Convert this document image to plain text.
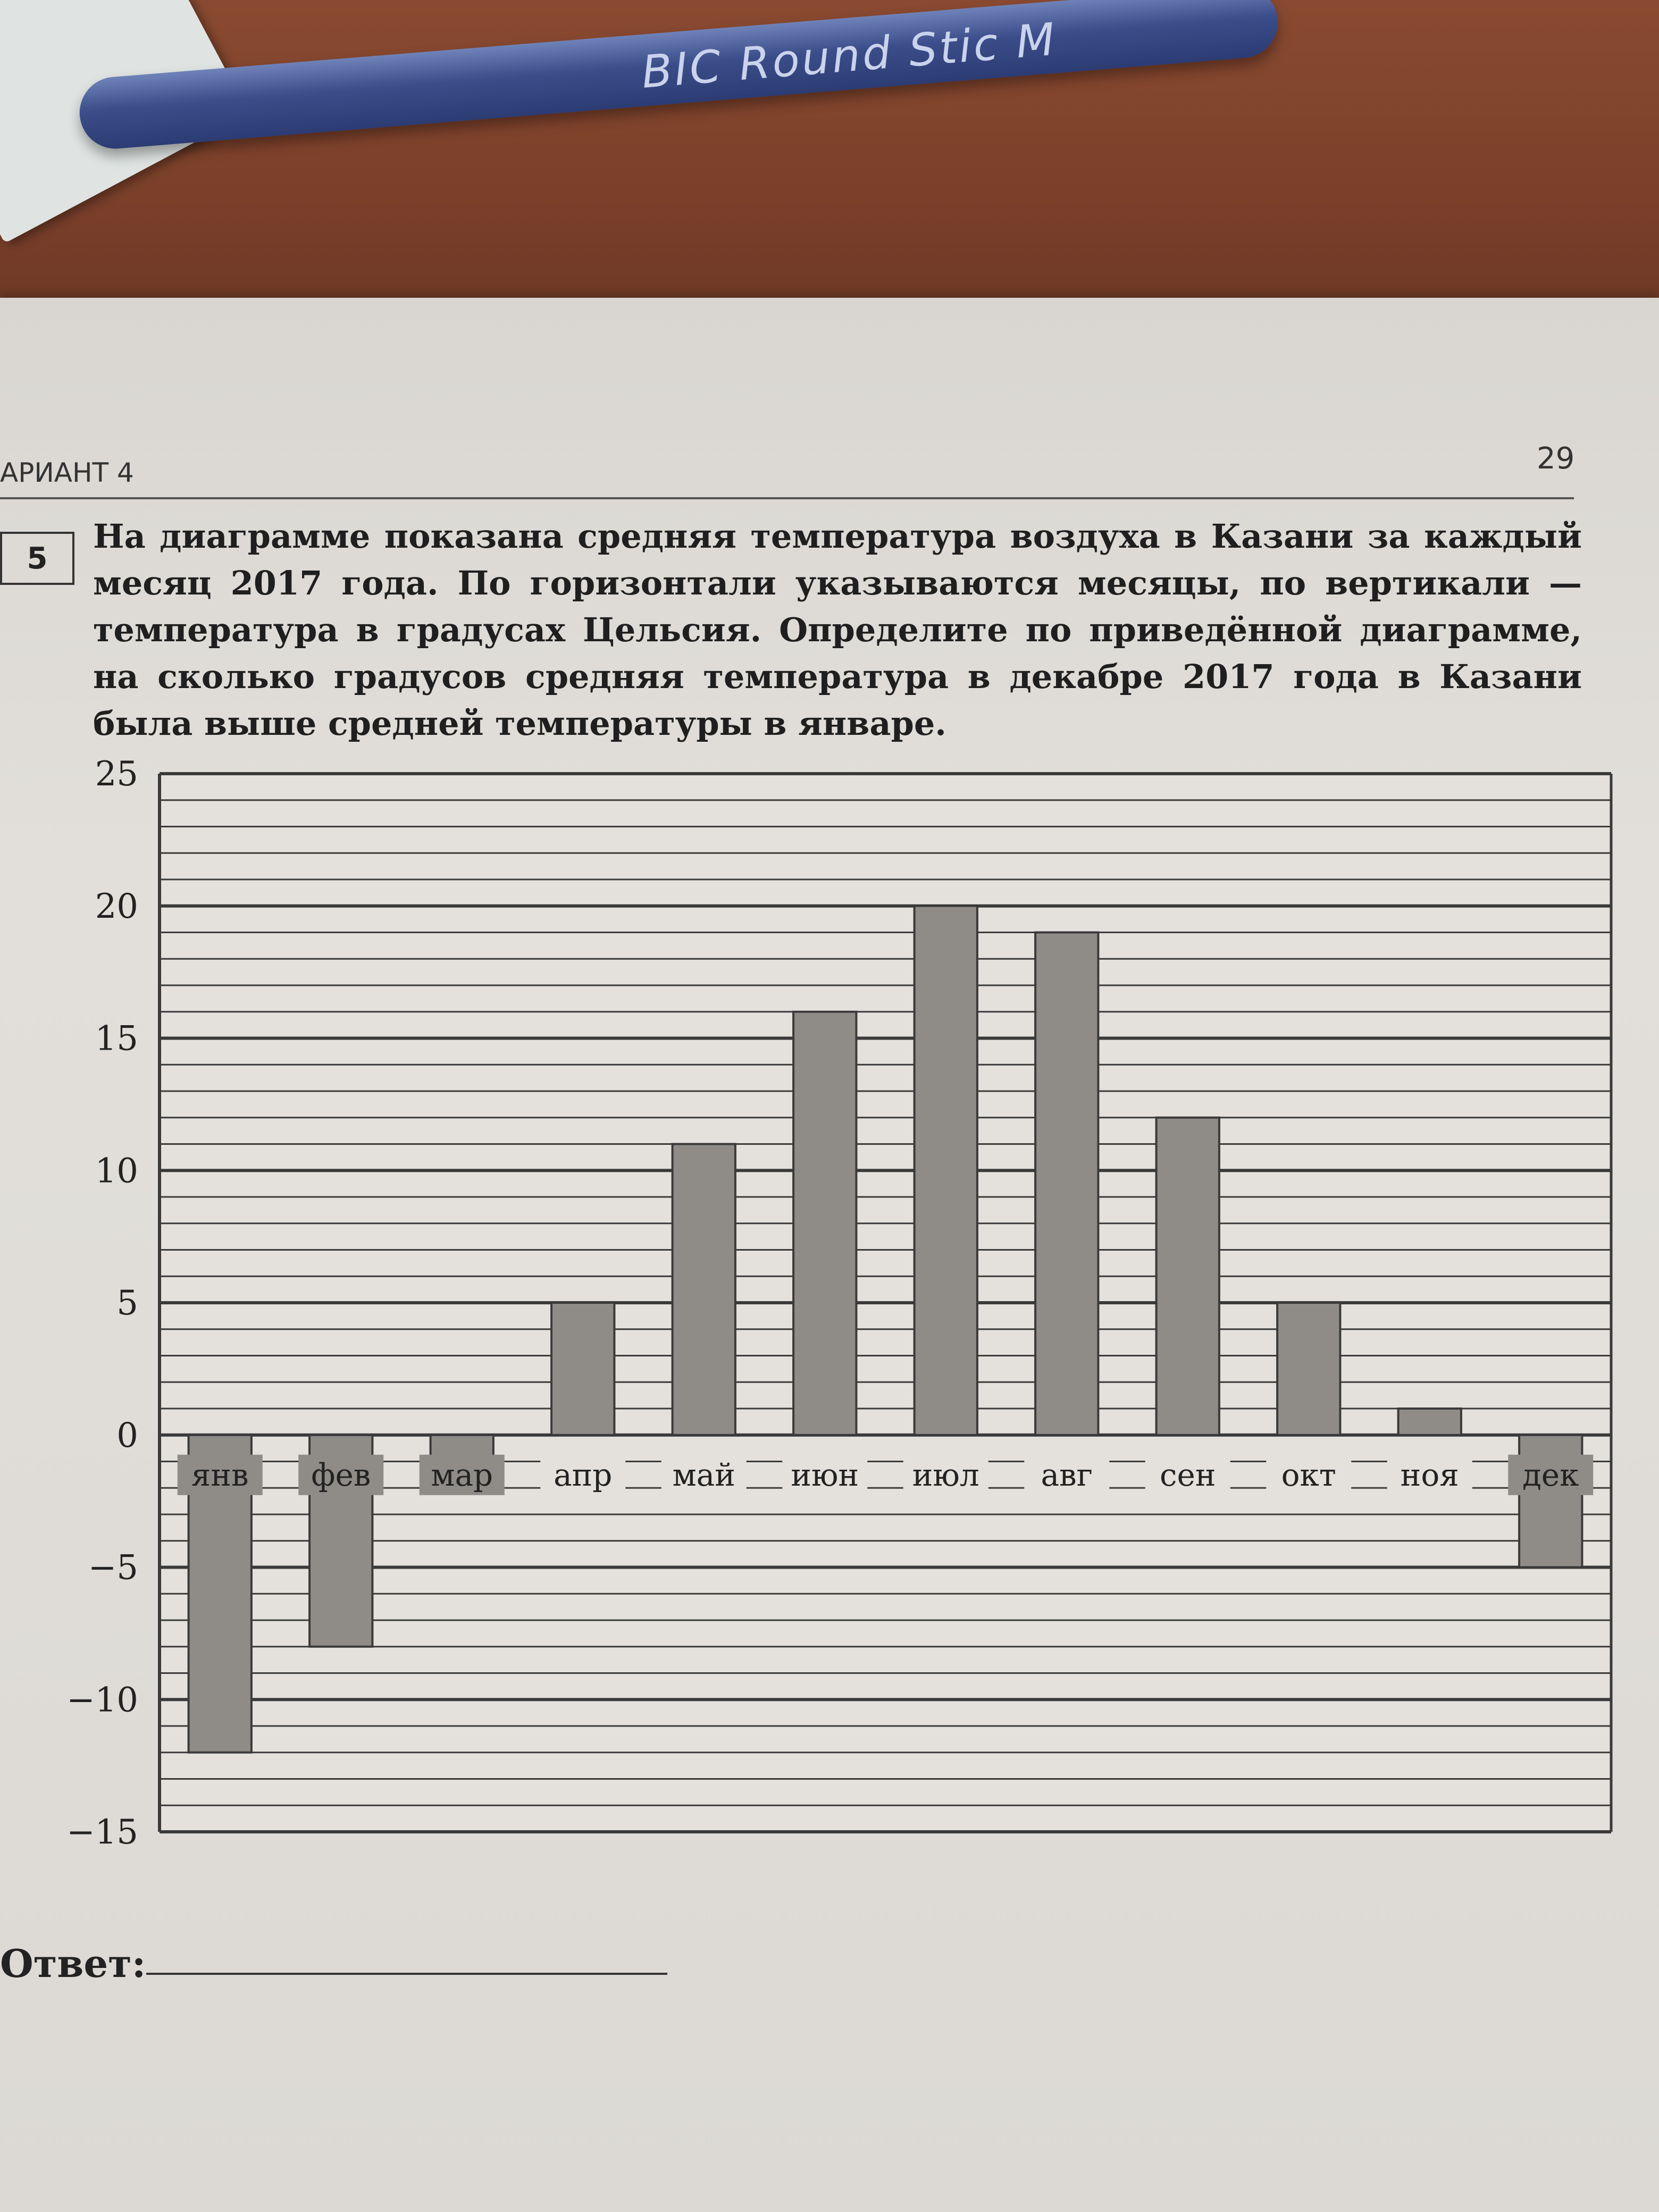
BIC Round Stic M
АРИАНТ 4	29
5
На диаграмме показана средняя температура воздуха в Казани за каждый месяц 2017 года. По горизонтали указываются месяцы, по вертикали — температура в градусах Цельсия. Определите по приведённой диаграмме, на сколько градусов средняя температура в декабре 2017 года в Казани была выше средней температуры в январе.
25
20
15
10
5
0
−5
−10
−15
янв фев мар апр май июн июл авг сен окт ноя дек
Ответ:
